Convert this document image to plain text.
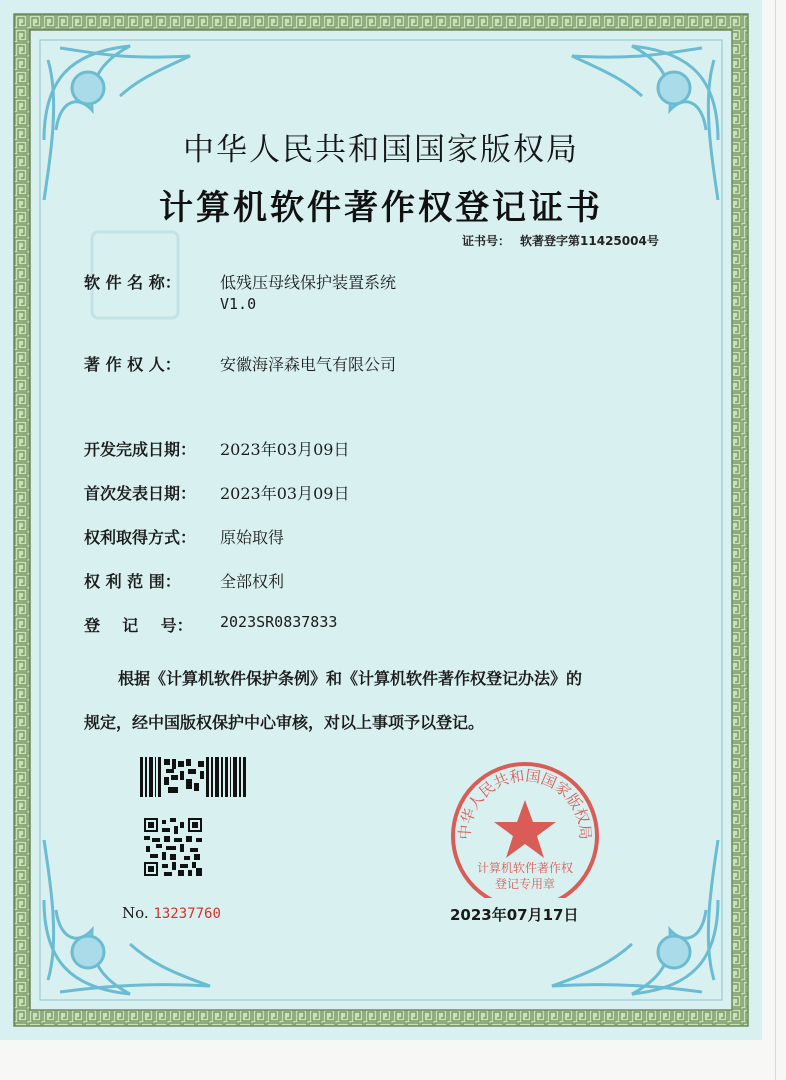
中华人民共和国国家版权局
计算机软件著作权登记证书
证书号： 软著登字第11425004号
软 件 名 称： 低残压母线保护装置系统
V1.0
著 作 权 人： 安徽海泽森电气有限公司
开发完成日期： 2023年03月09日
首次发表日期： 2023年03月09日
权利取得方式： 原始取得
权 利 范 围： 全部权利
登    记    号： 2023SR0837833
根据《计算机软件保护条例》和《计算机软件著作权登记办法》的
规定，经中国版权保护中心审核，对以上事项予以登记。
No. 13237760
中华人民共和国国家版权局
计算机软件著作权
登记专用章
2023年07月17日
